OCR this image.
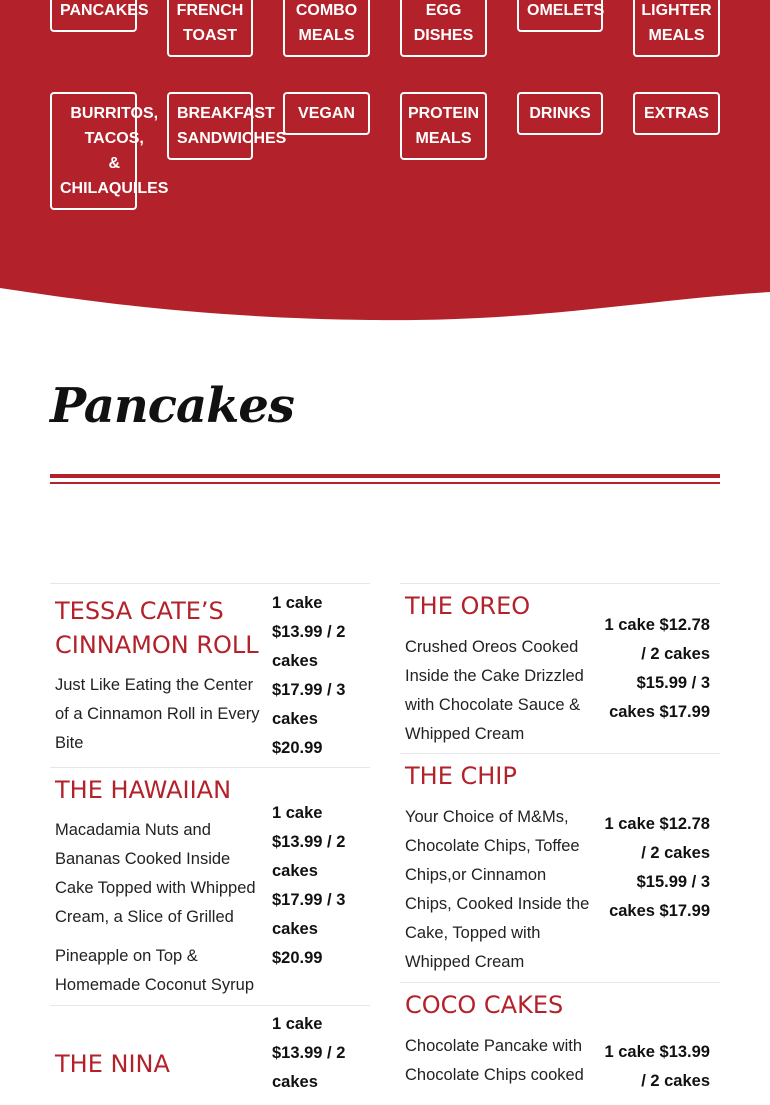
PANCAKES FRENCH
TOAST
COMBO
MEALS
EGG
DISHES
OMELETS LIGHTER
MEALS
BURRITOS,
TACOS,
&
CHILAQUILES
BREAKFAST
SANDWICHES
VEGAN	PROTEIN
MEALS
DRINKS	EXTRAS
Pancakes
TESSA CATE’S
CINNAMON ROLL
Just Like Eating the Center
of a Cinnamon Roll in Every
Bite
1 cake
$13.99 / 2
cakes
$17.99 / 3
cakes
$20.99
THE HAWAIIAN
Macadamia Nuts and
Bananas Cooked Inside
Cake Topped with Whipped
Cream, a Slice of Grilled
Pineapple on Top &
Homemade Coconut Syrup
1 cake
$13.99 / 2
cakes
$17.99 / 3
cakes
$20.99
THE NINA
1 cake
$13.99 / 2
cakes
THE OREO
Crushed Oreos Cooked
Inside the Cake Drizzled
with Chocolate Sauce &
Whipped Cream
1 cake $12.78
/ 2 cakes
$15.99 / 3
cakes $17.99
THE CHIP
Your Choice of M&Ms,
Chocolate Chips, Toffee
Chips,or Cinnamon
Chips, Cooked Inside the
Cake, Topped with
Whipped Cream
1 cake $12.78
/ 2 cakes
$15.99 / 3
cakes $17.99
COCO CAKES
Chocolate Pancake with
Chocolate Chips cooked
1 cake $13.99
/ 2 cakes
